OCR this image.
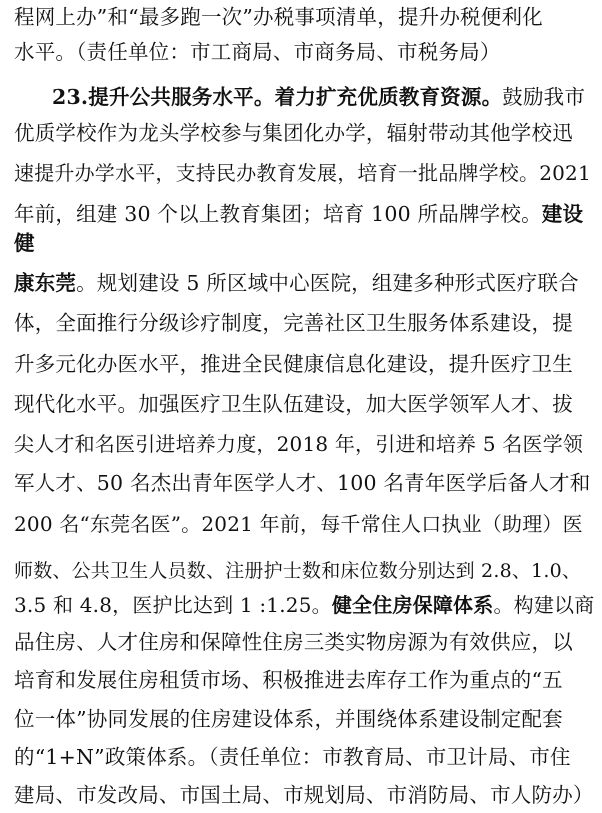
程网上办”和“最多跑一次”办税事项清单，提升办税便利化
水平。（责任单位：市工商局、市商务局、市税务局）
23.提升公共服务水平。着力扩充优质教育资源。鼓励我市
优质学校作为龙头学校参与集团化办学，辐射带动其他学校迅
速提升办学水平，支持民办教育发展，培育一批品牌学校。2021
年前，组建 30 个以上教育集团；培育 100 所品牌学校。建设
健
康东莞。规划建设 5 所区域中心医院，组建多种形式医疗联合
体，全面推行分级诊疗制度，完善社区卫生服务体系建设，提
升多元化办医水平，推进全民健康信息化建设，提升医疗卫生
现代化水平。加强医疗卫生队伍建设，加大医学领军人才、拔
尖人才和名医引进培养力度，2018 年，引进和培养 5 名医学领
军人才、50 名杰出青年医学人才、100 名青年医学后备人才和
200 名“东莞名医”。2021 年前，每千常住人口执业（助理）医
师数、公共卫生人员数、注册护士数和床位数分别达到 2.8、1.0、
3.5 和 4.8，医护比达到 1 :1.25。健全住房保障体系。构建以商
品住房、人才住房和保障性住房三类实物房源为有效供应，以
培育和发展住房租赁市场、积极推进去库存工作为重点的“五
位一体”协同发展的住房建设体系，并围绕体系建设制定配套
的“1+N”政策体系。（责任单位：市教育局、市卫计局、市住
建局、市发改局、市国土局、市规划局、市消防局、市人防办）
